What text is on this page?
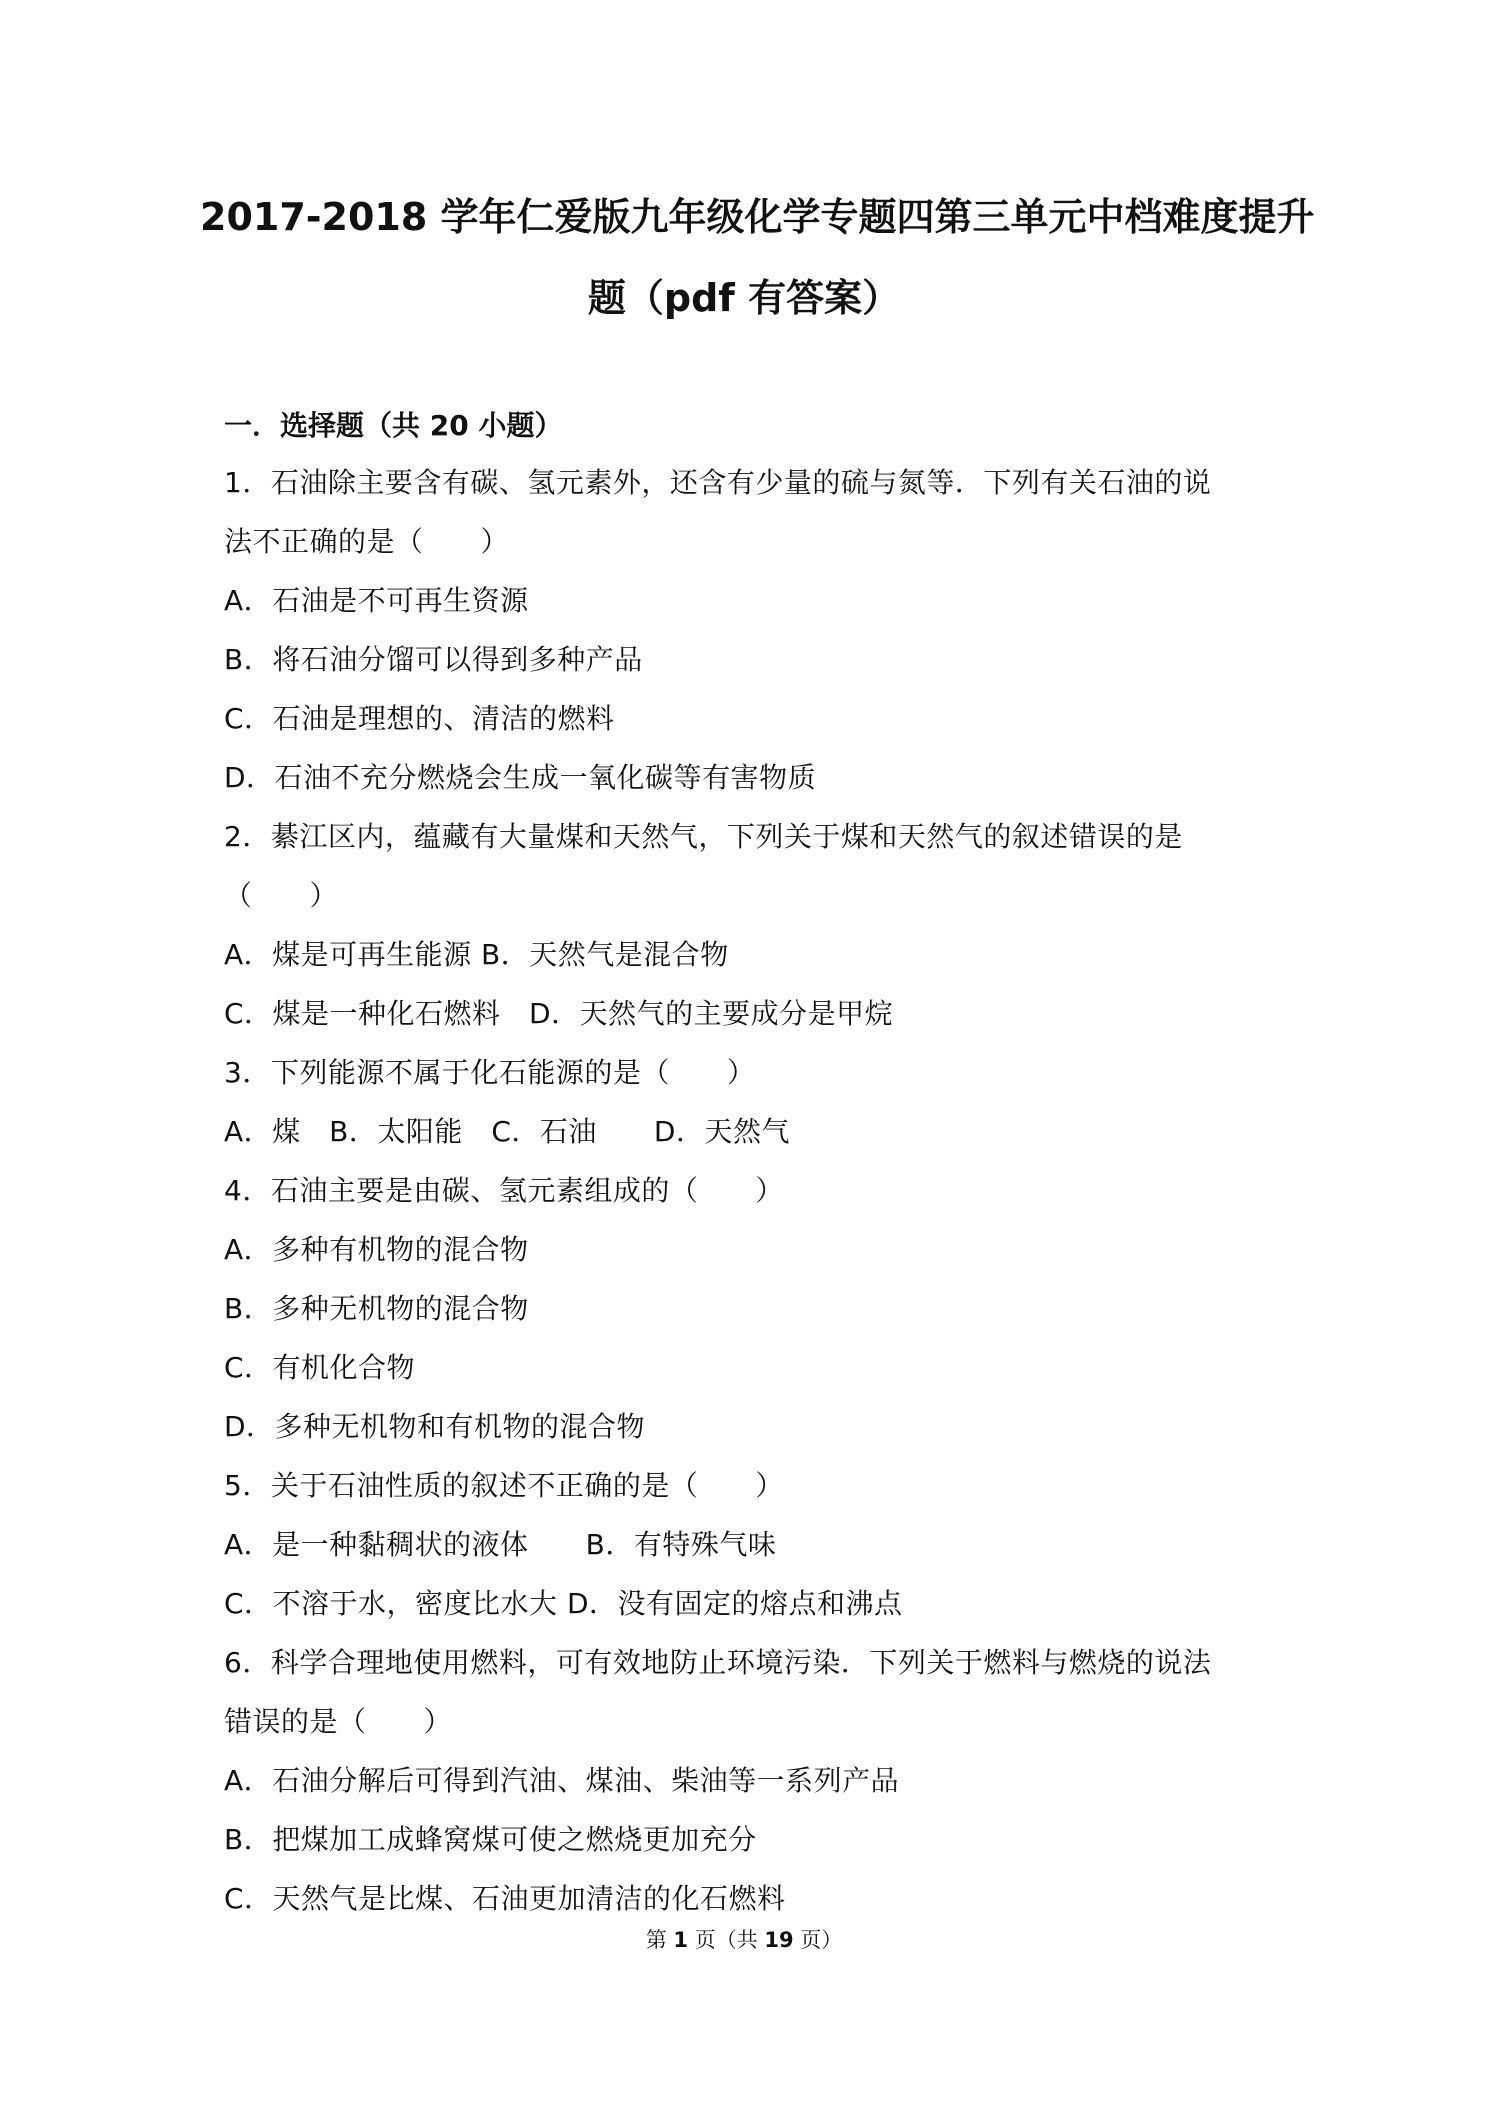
2017-2018 学年仁爱版九年级化学专题四第三单元中档难度提升
题（pdf 有答案）
一．选择题（共 20 小题）
1．石油除主要含有碳、氢元素外，还含有少量的硫与氮等．下列有关石油的说
法不正确的是（　　）
A．石油是不可再生资源
B．将石油分馏可以得到多种产品
C．石油是理想的、清洁的燃料
D．石油不充分燃烧会生成一氧化碳等有害物质
2．綦江区内，蕴藏有大量煤和天然气，下列关于煤和天然气的叙述错误的是
（　　）
A．煤是可再生能源 B．天然气是混合物
C．煤是一种化石燃料　D．天然气的主要成分是甲烷
3．下列能源不属于化石能源的是（　　）
A．煤　B．太阳能　C．石油　　D．天然气
4．石油主要是由碳、氢元素组成的（　　）
A．多种有机物的混合物
B．多种无机物的混合物
C．有机化合物
D．多种无机物和有机物的混合物
5．关于石油性质的叙述不正确的是（　　）
A．是一种黏稠状的液体　　B．有特殊气味
C．不溶于水，密度比水大 D．没有固定的熔点和沸点
6．科学合理地使用燃料，可有效地防止环境污染．下列关于燃料与燃烧的说法
错误的是（　　）
A．石油分解后可得到汽油、煤油、柴油等一系列产品
B．把煤加工成蜂窝煤可使之燃烧更加充分
C．天然气是比煤、石油更加清洁的化石燃料
第 1 页（共 19 页）
